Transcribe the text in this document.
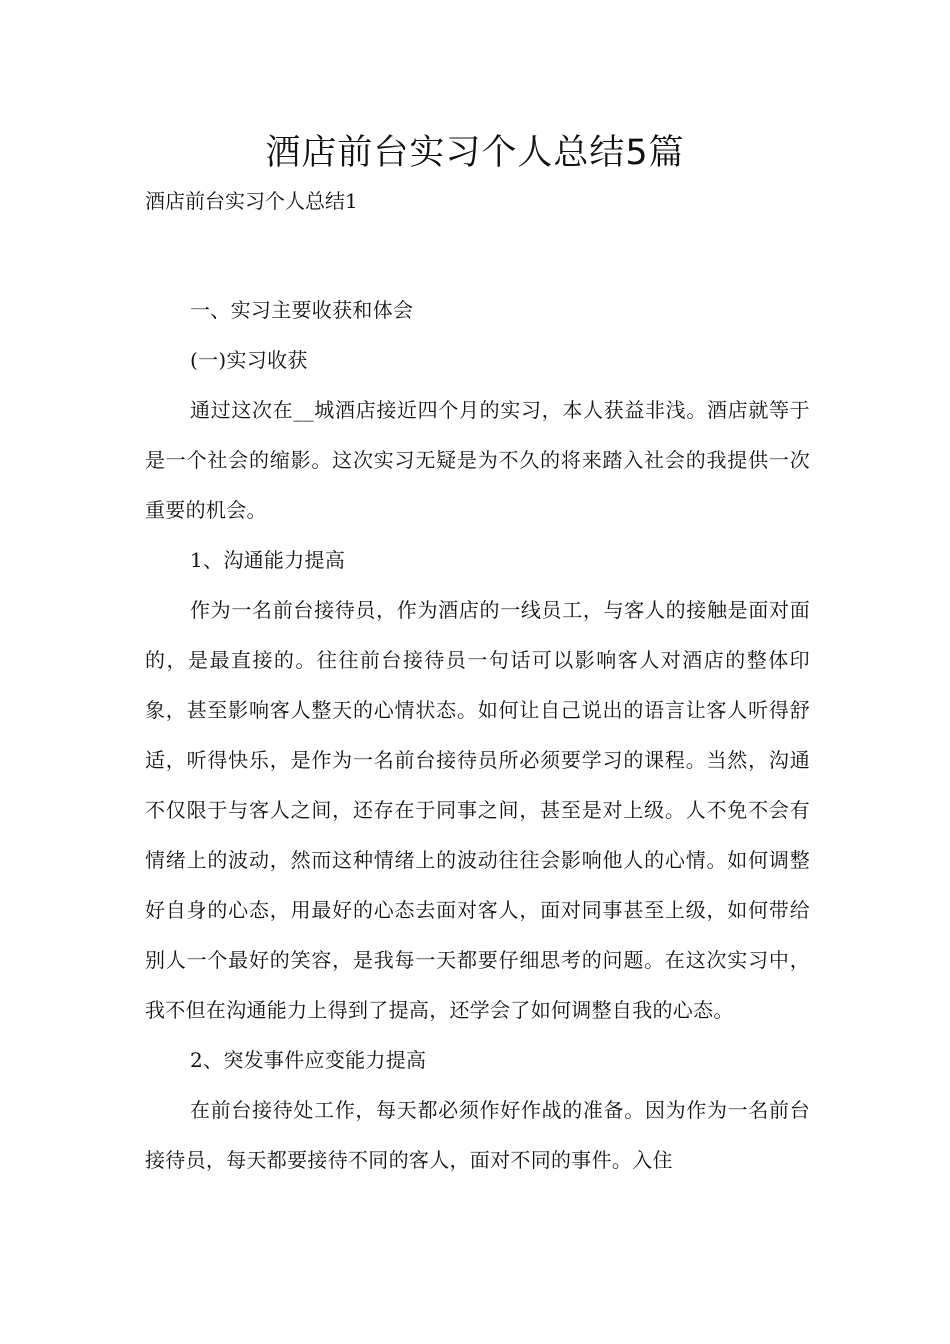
酒店前台实习个人总结5篇
酒店前台实习个人总结1

一、实习主要收获和体会

(一)实习收获

通过这次在__城酒店接近四个月的实习，本人获益非浅。酒店就等于是一个社会的缩影。这次实习无疑是为不久的将来踏入社会的我提供一次重要的机会。

1、沟通能力提高

作为一名前台接待员，作为酒店的一线员工，与客人的接触是面对面的，是最直接的。往往前台接待员一句话可以影响客人对酒店的整体印象，甚至影响客人整天的心情状态。如何让自己说出的语言让客人听得舒适，听得快乐，是作为一名前台接待员所必须要学习的课程。当然，沟通不仅限于与客人之间，还存在于同事之间，甚至是对上级。人不免不会有情绪上的波动，然而这种情绪上的波动往往会影响他人的心情。如何调整好自身的心态，用最好的心态去面对客人，面对同事甚至上级，如何带给别人一个最好的笑容，是我每一天都要仔细思考的问题。在这次实习中，我不但在沟通能力上得到了提高，还学会了如何调整自我的心态。

2、突发事件应变能力提高

在前台接待处工作，每天都必须作好作战的准备。因为作为一名前台接待员，每天都要接待不同的客人，面对不同的事件。入住
